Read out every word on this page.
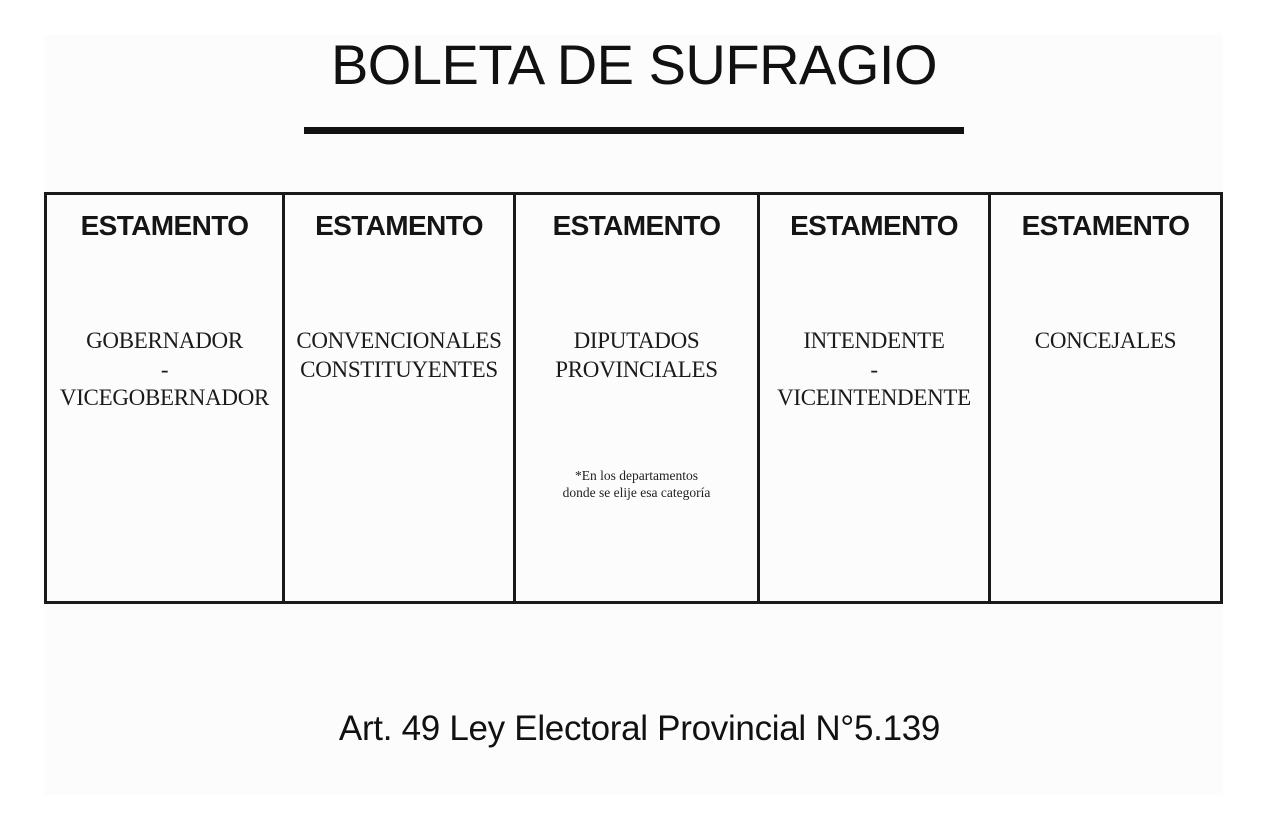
BOLETA DE SUFRAGIO
ESTAMENTO
GOBERNADOR
-
VICEGOBERNADOR
ESTAMENTO
CONVENCIONALES
CONSTITUYENTES
ESTAMENTO
DIPUTADOS
PROVINCIALES
*En los departamentos
donde se elije esa categoría
ESTAMENTO
INTENDENTE
-
VICEINTENDENTE
ESTAMENTO
CONCEJALES
Art. 49 Ley Electoral Provincial N°5.139
